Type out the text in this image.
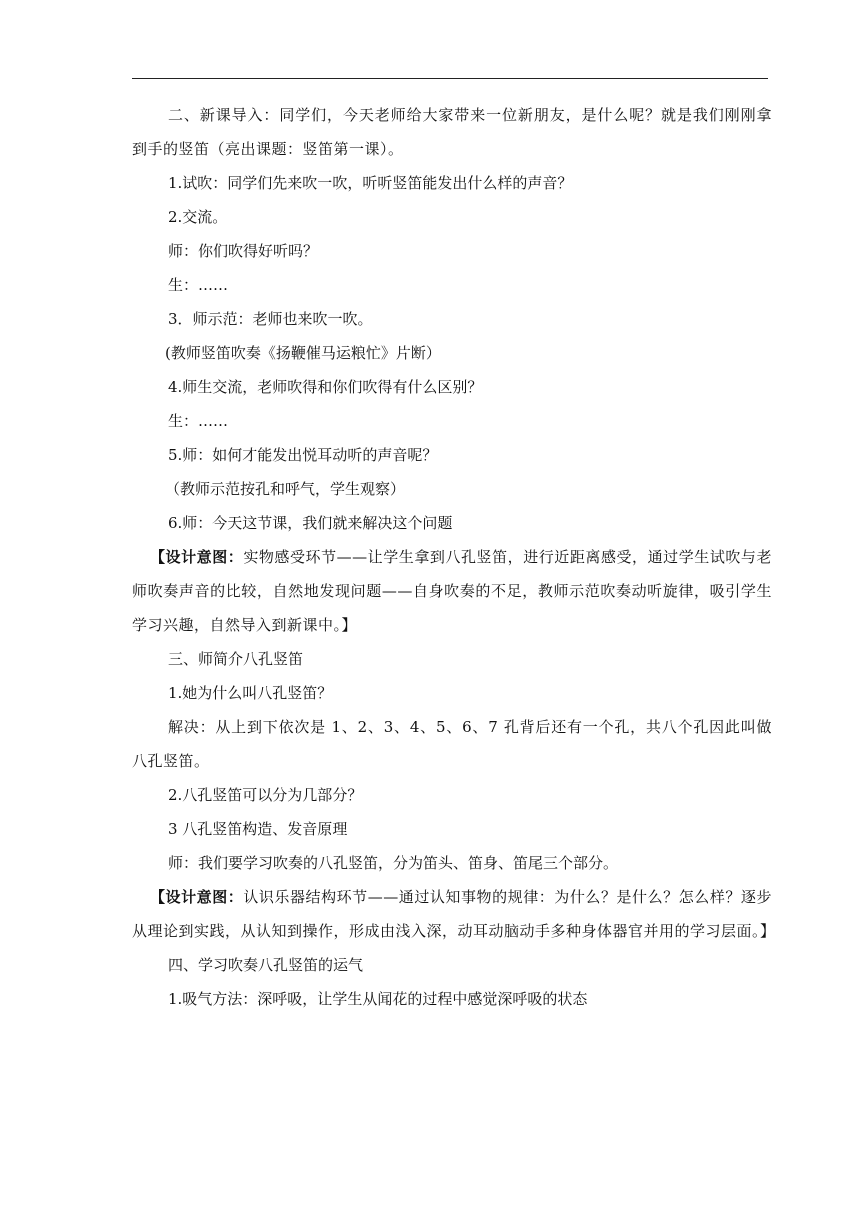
二、新课导入：同学们，今天老师给大家带来一位新朋友，是什么呢？就是我们刚刚拿到手的竖笛（亮出课题：竖笛第一课）。

1.试吹：同学们先来吹一吹，听听竖笛能发出什么样的声音？

2.交流。

师：你们吹得好听吗？

生：……

3．师示范：老师也来吹一吹。

(教师竖笛吹奏《扬鞭催马运粮忙》片断）

4.师生交流，老师吹得和你们吹得有什么区别？

生：……

5.师：如何才能发出悦耳动听的声音呢？

（教师示范按孔和呼气，学生观察）

6.师：今天这节课，我们就来解决这个问题

【设计意图：实物感受环节——让学生拿到八孔竖笛，进行近距离感受，通过学生试吹与老师吹奏声音的比较，自然地发现问题——自身吹奏的不足，教师示范吹奏动听旋律，吸引学生学习兴趣，自然导入到新课中。】

三、师简介八孔竖笛

1.她为什么叫八孔竖笛？

解决：从上到下依次是 1、2、3、4、5、6、7 孔背后还有一个孔，共八个孔因此叫做八孔竖笛。

2.八孔竖笛可以分为几部分？

3 八孔竖笛构造、发音原理

师：我们要学习吹奏的八孔竖笛，分为笛头、笛身、笛尾三个部分。

【设计意图：认识乐器结构环节——通过认知事物的规律：为什么？是什么？怎么样？逐步从理论到实践，从认知到操作，形成由浅入深，动耳动脑动手多种身体器官并用的学习层面。】

四、学习吹奏八孔竖笛的运气

1.吸气方法：深呼吸，让学生从闻花的过程中感觉深呼吸的状态
